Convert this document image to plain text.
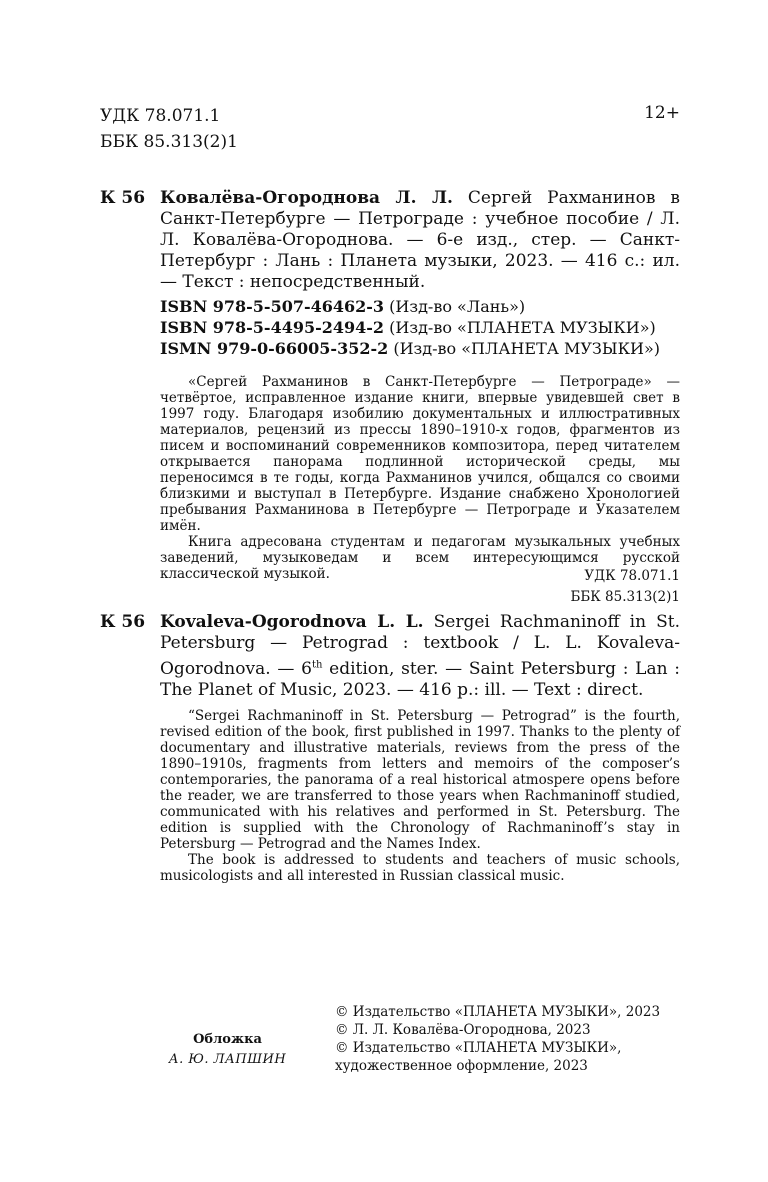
УДК 78.071.1
ББК 85.313(2)1
12+
К 56 Ковалёва-Огороднова Л. Л. Сергей Рахманинов в Санкт-Петербурге — Петрограде : учебное пособие / Л. Л. Ковалёва-Огороднова. — 6-е изд., стер. — Санкт-Петербург : Лань : Планета музыки, 2023. — 416 с.: ил. — Текст : непосредственный.
ISBN 978-5-507-46462-3 (Изд-во «Лань»)
ISBN 978-5-4495-2494-2 (Изд-во «ПЛАНЕТА МУЗЫКИ»)
ISMN 979-0-66005-352-2 (Изд-во «ПЛАНЕТА МУЗЫКИ»)

«Сергей Рахманинов в Санкт-Петербурге — Петрограде» — четвёртое, исправленное издание книги, впервые увидевшей свет в 1997 году. Благодаря изобилию документальных и иллюстративных материалов, рецензий из прессы 1890–1910-х годов, фрагментов из писем и воспоминаний современников композитора, перед читателем открывается панорама подлинной исторической среды, мы переносимся в те годы, когда Рахманинов учился, общался со своими близкими и выступал в Петербурге. Издание снабжено Хронологией пребывания Рахманинова в Петербурге — Петрограде и Указателем имён.

Книга адресована студентам и педагогам музыкальных учебных заведений, музыковедам и всем интересующимся русской классической музыкой.	УДК 78.071.1
ББК 85.313(2)1
К 56 Kovaleva-Ogorodnova L. L. Sergei Rachmaninoff in St. Petersburg — Petrograd : textbook / L. L. Kovaleva-Ogorodnova. — 6th edition, ster. — Saint Petersburg : Lan : The Planet of Music, 2023. — 416 p.: ill. — Text : direct.

“Sergei Rachmaninoff in St. Petersburg — Petrograd” is the fourth, revised edition of the book, first published in 1997. Thanks to the plenty of documentary and illustrative materials, reviews from the press of the 1890–1910s, fragments from letters and memoirs of the composer’s contemporaries, the panorama of a real historical atmospere opens before the reader, we are transferred to those years when Rachmaninoff studied, communicated with his relatives and performed in St. Petersburg. The edition is supplied with the Chronology of Rachmaninoff’s stay in Petersburg — Petrograd and the Names Index.

The book is addressed to students and teachers of music schools, musicologists and all interested in Russian classical music.

Обложка
А. Ю. ЛАПШИН
© Издательство «ПЛАНЕТА МУЗЫКИ», 2023
© Л. Л. Ковалёва-Огороднова, 2023
© Издательство «ПЛАНЕТА МУЗЫКИ», художественное оформление, 2023
